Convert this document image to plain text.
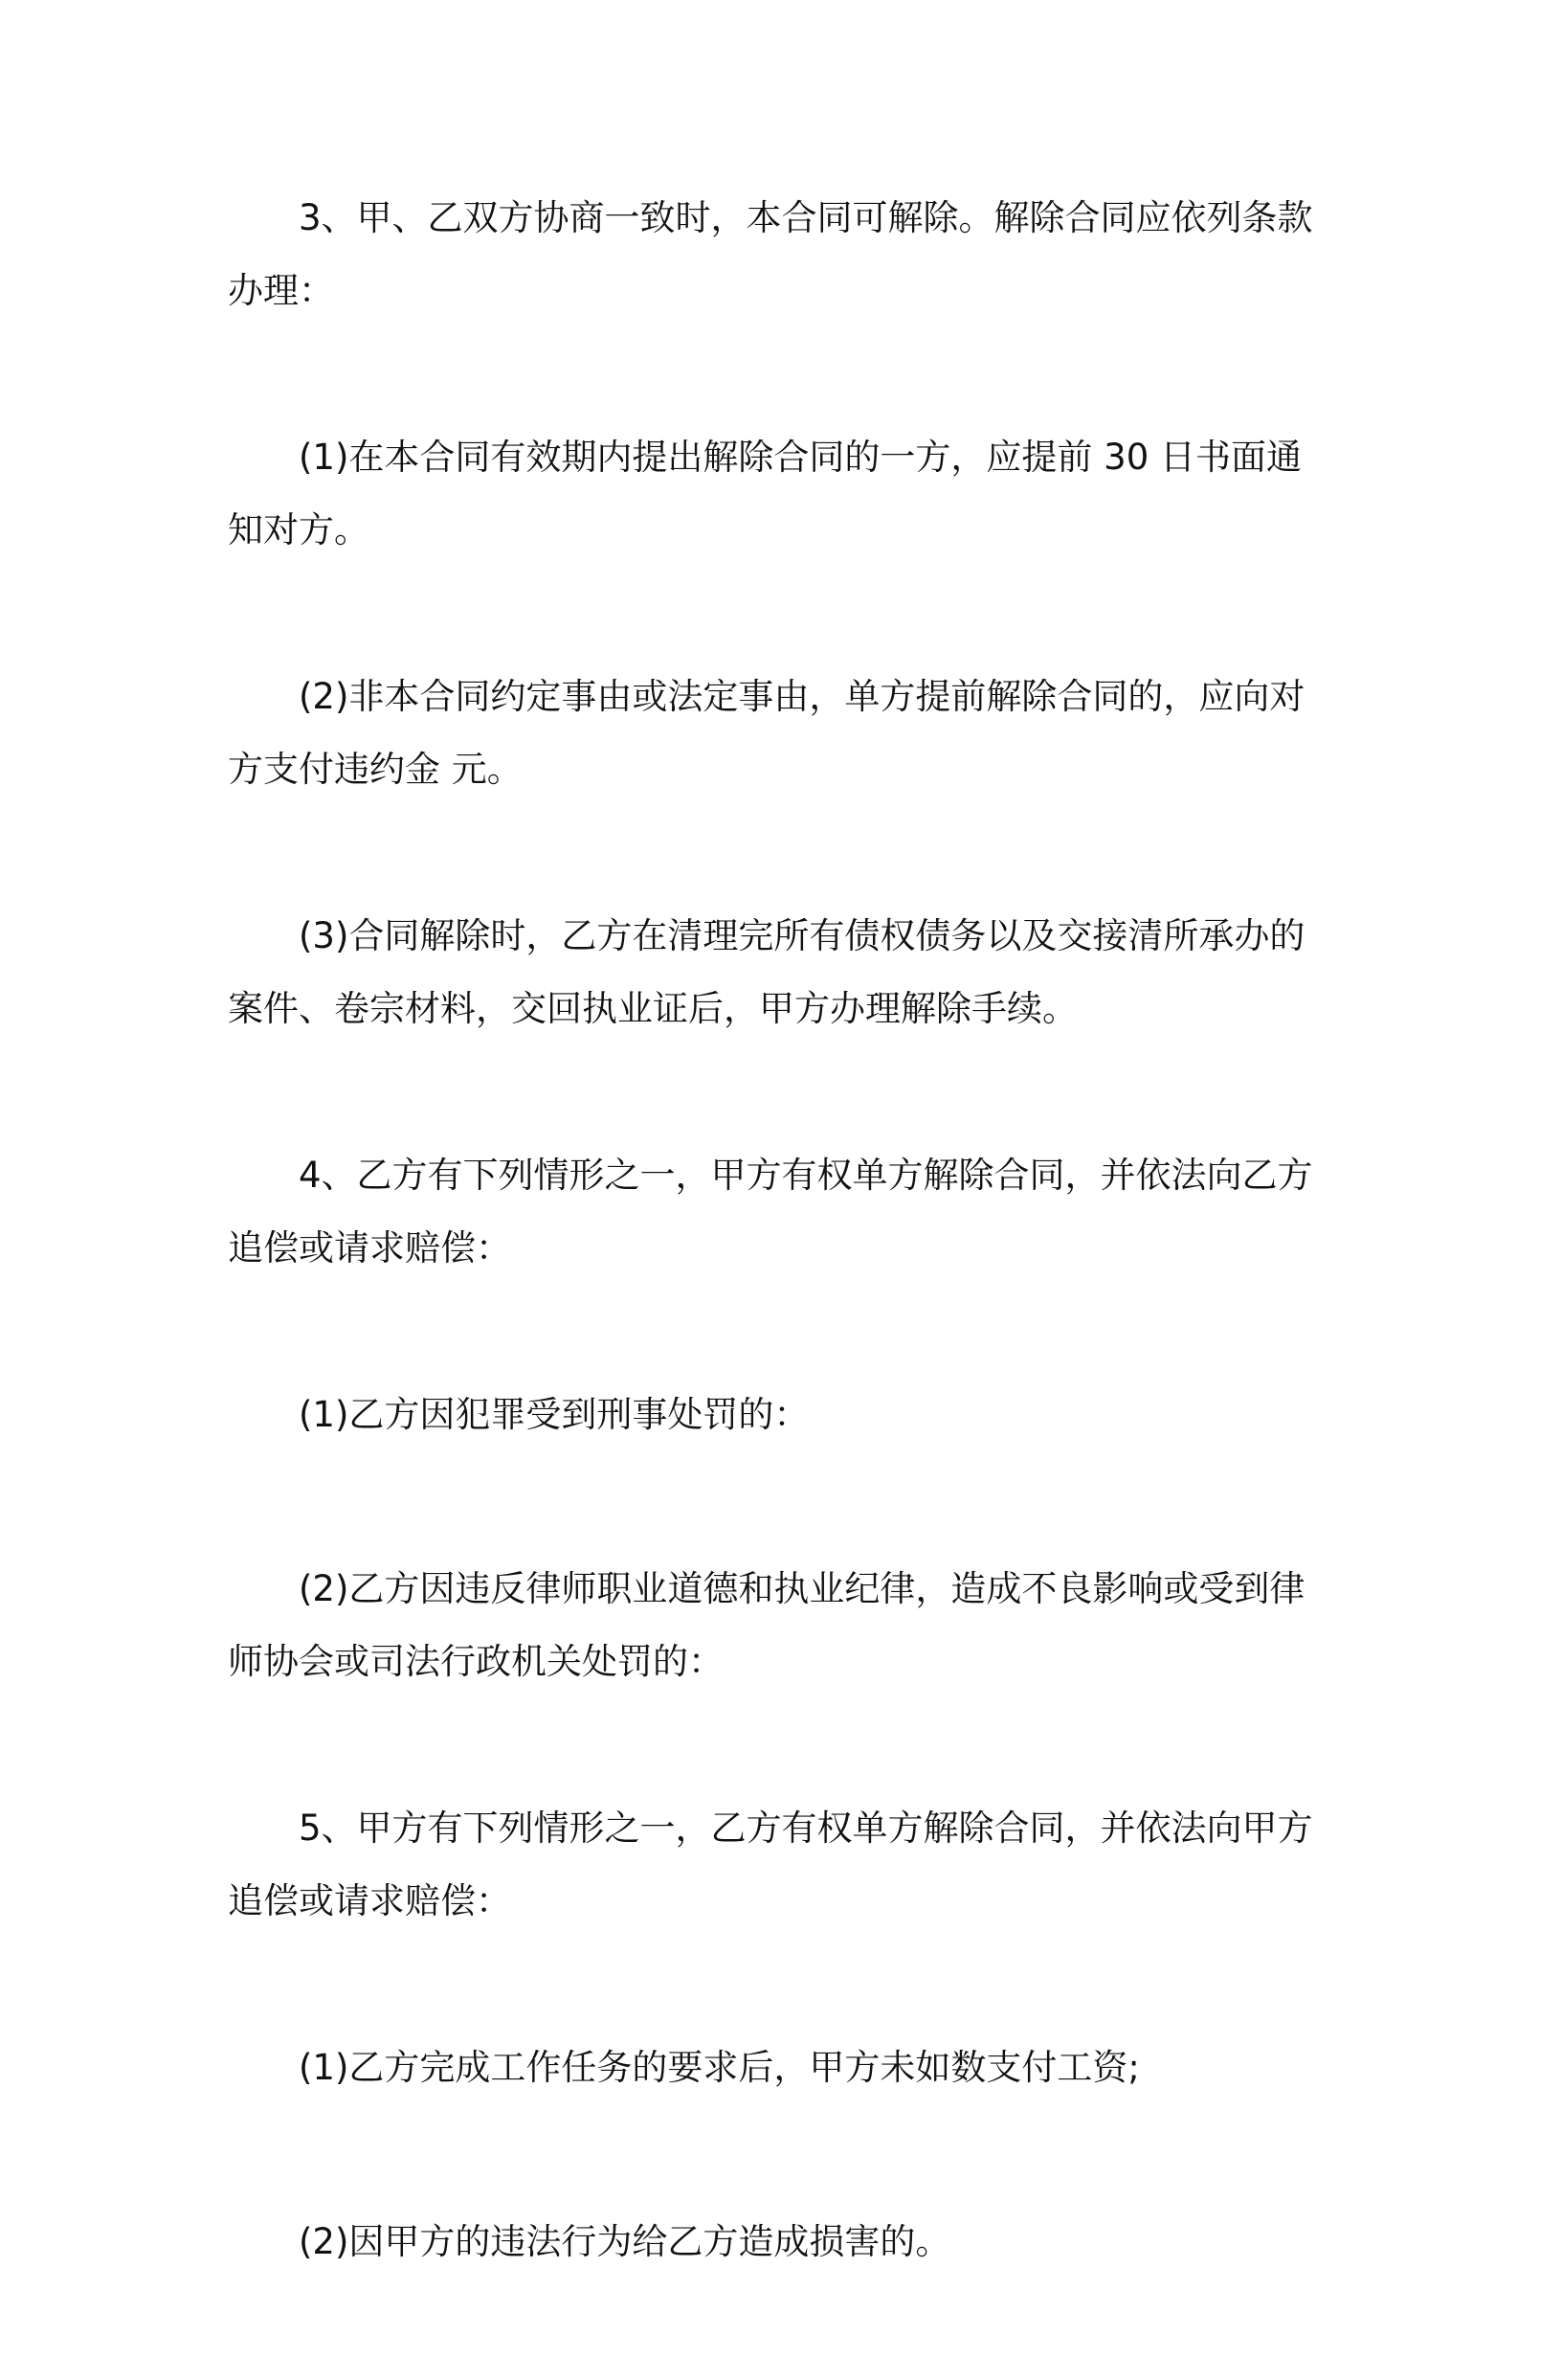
3、甲、乙双方协商一致时，本合同可解除。解除合同应依列条款办理：

(1)在本合同有效期内提出解除合同的一方，应提前 30 日书面通知对方。

(2)非本合同约定事由或法定事由，单方提前解除合同的，应向对方支付违约金 元。

(3)合同解除时，乙方在清理完所有债权债务以及交接清所承办的案件、卷宗材料，交回执业证后，甲方办理解除手续。

4、乙方有下列情形之一，甲方有权单方解除合同，并依法向乙方追偿或请求赔偿：

(1)乙方因犯罪受到刑事处罚的：

(2)乙方因违反律师职业道德和执业纪律，造成不良影响或受到律师协会或司法行政机关处罚的：

5、甲方有下列情形之一，乙方有权单方解除合同，并依法向甲方追偿或请求赔偿：

(1)乙方完成工作任务的要求后，甲方未如数支付工资;

(2)因甲方的违法行为给乙方造成损害的。
